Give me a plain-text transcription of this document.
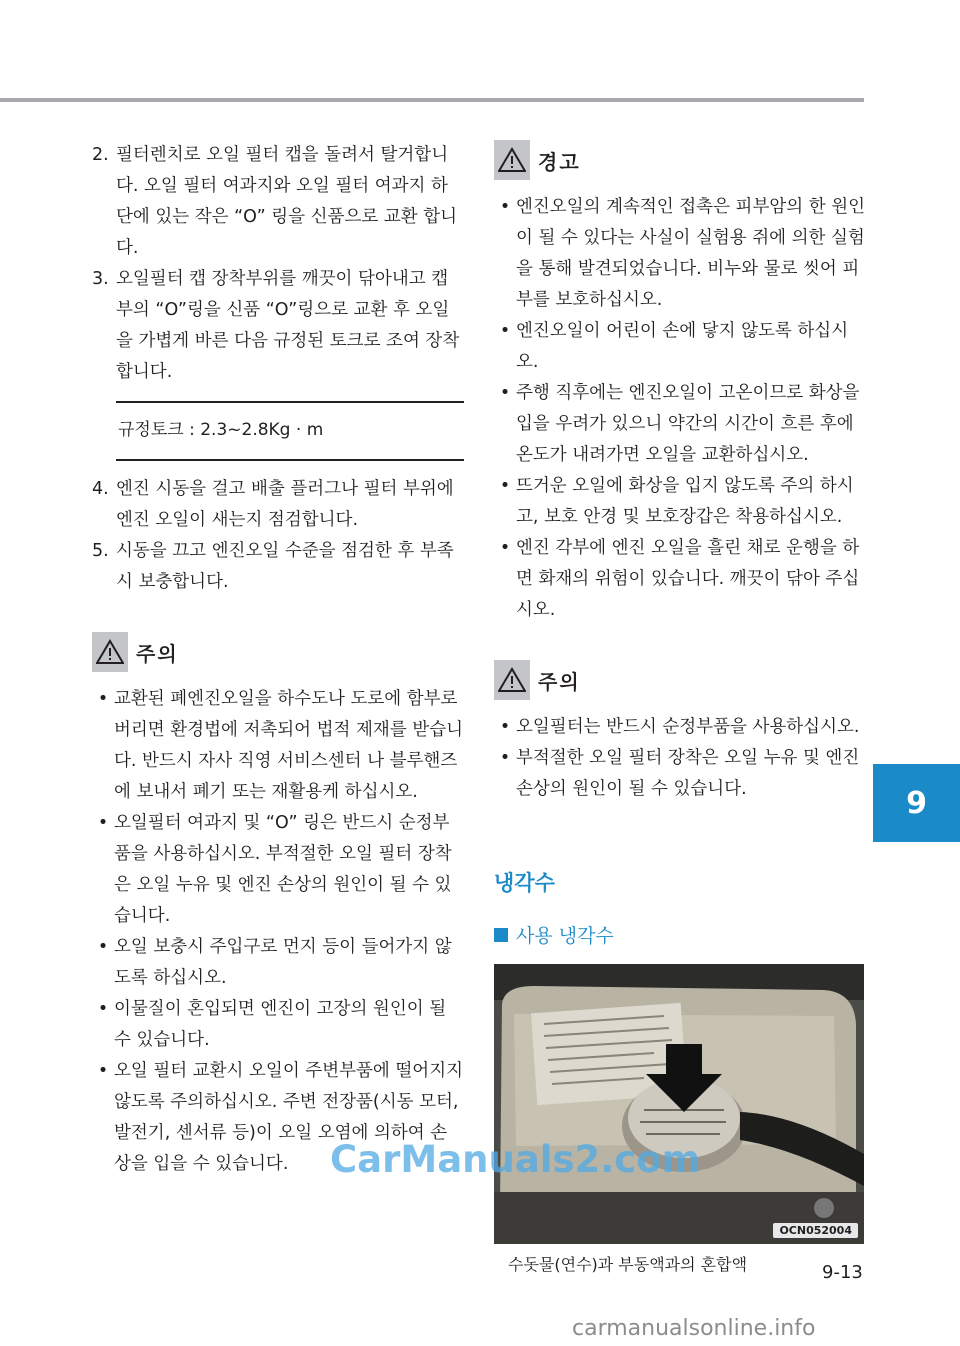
2. 필터렌치로 오일 필터 캡을 돌려서 탈거합니다. 오일 필터 여과지와 오일 필터 여과지 하단에 있는 작은 “O” 링을 신품으로 교환 합니다.
3. 오일필터 캡 장착부위를 깨끗이 닦아내고 캡부의 “O”링을 신품 “O”링으로 교환 후 오일을 가볍게 바른 다음 규정된 토크로 조여 장착합니다.
규정토크 : 2.3~2.8Kg · m
4. 엔진 시동을 걸고 배출 플러그나 필터 부위에 엔진 오일이 새는지 점검합니다.
5. 시동을 끄고 엔진오일 수준을 점검한 후 부족시 보충합니다.
주의
• 교환된 폐엔진오일을 하수도나 도로에 함부로 버리면 환경법에 저촉되어 법적 제재를 받습니다. 반드시 자사 직영 서비스센터 나 블루핸즈에 보내서 폐기 또는 재활용케 하십시오.
• 오일필터 여과지 및 “O” 링은 반드시 순정부품을 사용하십시오. 부적절한 오일 필터 장착은 오일 누유 및 엔진 손상의 원인이 될 수 있습니다.
• 오일 보충시 주입구로 먼지 등이 들어가지 않도록 하십시오.
• 이물질이 혼입되면 엔진이 고장의 원인이 될 수 있습니다.
• 오일 필터 교환시 오일이 주변부품에 떨어지지 않도록 주의하십시오. 주변 전장품(시동 모터, 발전기, 센서류 등)이 오일 오염에 의하여 손상을 입을 수 있습니다.
경고
• 엔진오일의 계속적인 접촉은 피부암의 한 원인이 될 수 있다는 사실이 실험용 쥐에 의한 실험을 통해 발견되었습니다. 비누와 물로 씻어 피부를 보호하십시오.
• 엔진오일이 어린이 손에 닿지 않도록 하십시오.
• 주행 직후에는 엔진오일이 고온이므로 화상을 입을 우려가 있으니 약간의 시간이 흐른 후에 온도가 내려가면 오일을 교환하십시오.
• 뜨거운 오일에 화상을 입지 않도록 주의 하시고, 보호 안경 및 보호장갑은 착용하십시오.
• 엔진 각부에 엔진 오일을 흘린 채로 운행을 하면 화재의 위험이 있습니다. 깨끗이 닦아 주십시오.
주의
• 오일필터는 반드시 순정부품을 사용하십시오.
• 부적절한 오일 필터 장착은 오일 누유 및 엔진 손상의 원인이 될 수 있습니다.
냉각수
사용 냉각수
OCN052004
수돗물(연수)과 부동액과의 혼합액
9
9-13
CarManuals2.com
carmanualsonline.info
